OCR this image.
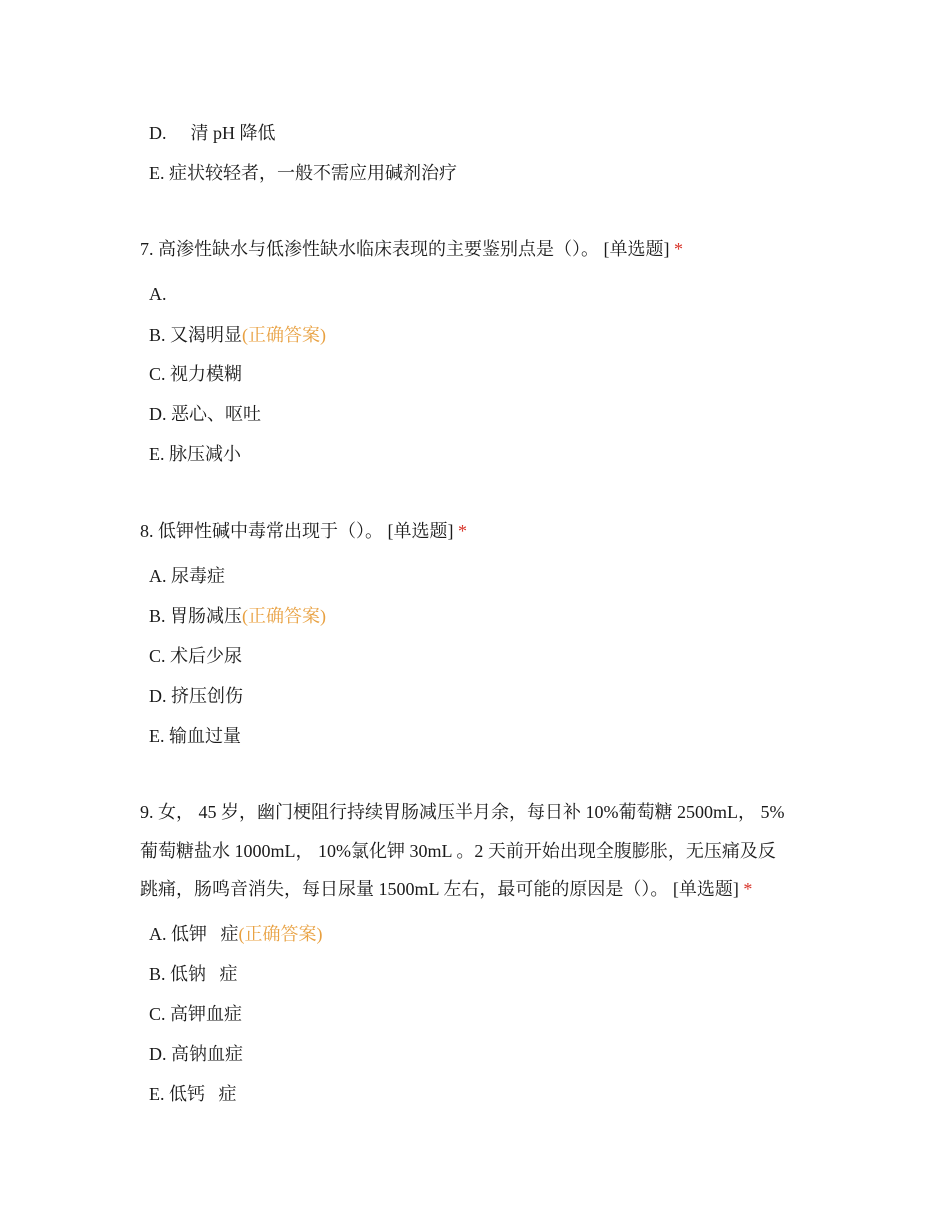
D. 清 pH 降低
E. 症状较轻者，一般不需应用碱剂治疗
7. 高渗性缺水与低渗性缺水临床表现的主要鉴别点是（）。 [单选题] *
A.
B. 又渴明显(正确答案)
C. 视力模糊
D. 恶心、呕吐
E. 脉压减小
8. 低钾性碱中毒常出现于（）。 [单选题] *
A. 尿毒症
B. 胃肠减压(正确答案)
C. 术后少尿
D. 挤压创伤
E. 输血过量
9. 女， 45 岁，幽门梗阻行持续胃肠减压半月余，每日补 10%葡萄糖 2500mL， 5%
葡萄糖盐水 1000mL， 10%氯化钾 30mL 。2 天前开始出现全腹膨胀，无压痛及反
跳痛，肠鸣音消失，每日尿量 1500mL 左右，最可能的原因是（）。 [单选题] *
A. 低钾   症(正确答案)
B. 低钠   症
C. 高钾血症
D. 高钠血症
E. 低钙   症
